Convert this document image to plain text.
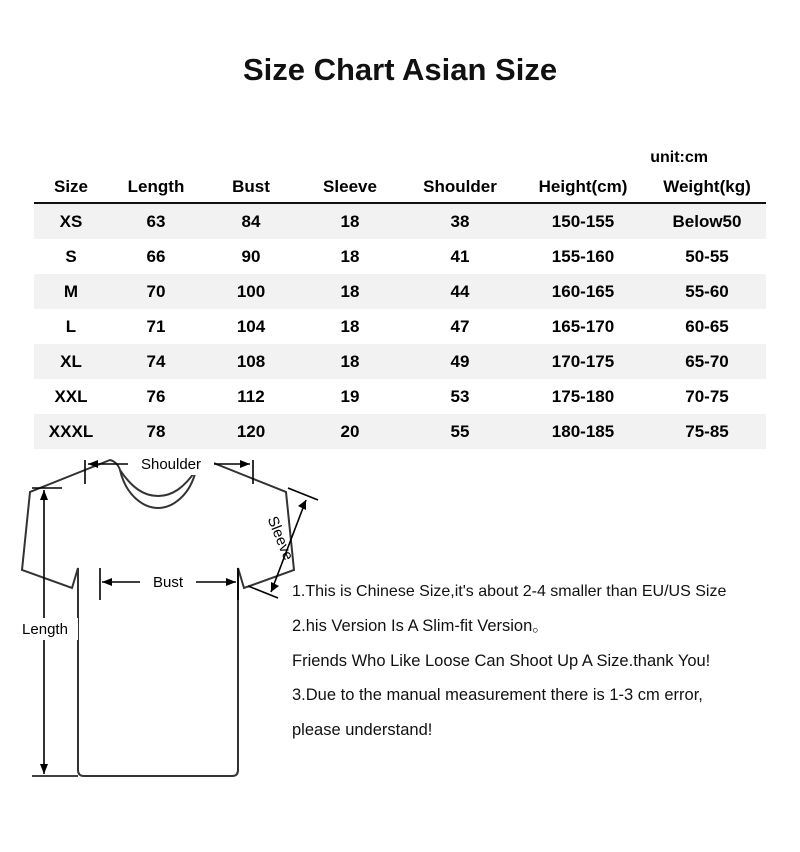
Size Chart Asian Size
unit:cm
Size	Length	Bust	Sleeve	Shoulder	Height(cm)	Weight(kg)
XS	63	84	18	38	150-155	Below50
S	66	90	18	41	155-160	50-55
M	70	100	18	44	160-165	55-60
L	71	104	18	47	165-170	60-65
XL	74	108	18	49	170-175	65-70
XXL	76	112	19	53	175-180	70-75
XXXL	78	120	20	55	180-185	75-85
Shoulder
Sleeve
Bust
Length

1.This is Chinese Size,it's about 2-4 smaller than EU/US Size

2.his Version Is A Slim-fit Version。

Friends Who Like Loose Can Shoot Up A Size.thank You!

3.Due to the manual measurement there is 1-3 cm error,

please understand!
